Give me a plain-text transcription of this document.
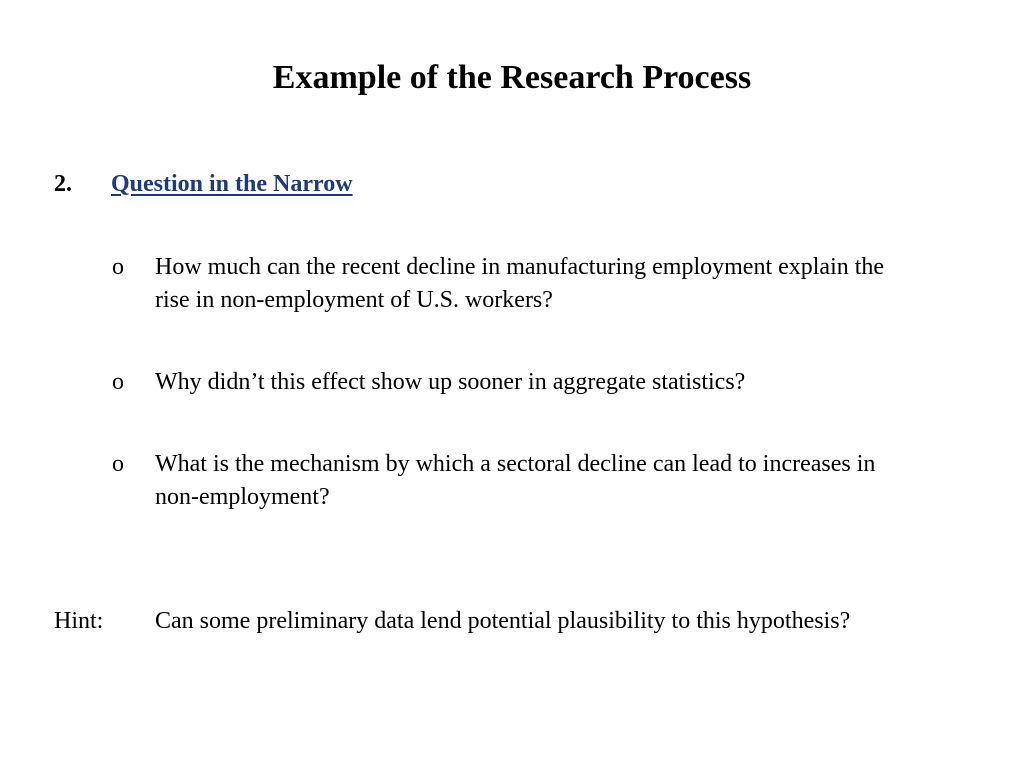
Example of the Research Process
2. Question in the Narrow
o How much can the recent decline in manufacturing employment explain the rise in non-employment of U.S. workers?
o Why didn’t this effect show up sooner in aggregate statistics?
o What is the mechanism by which a sectoral decline can lead to increases in non-employment?
Hint: Can some preliminary data lend potential plausibility to this hypothesis?
